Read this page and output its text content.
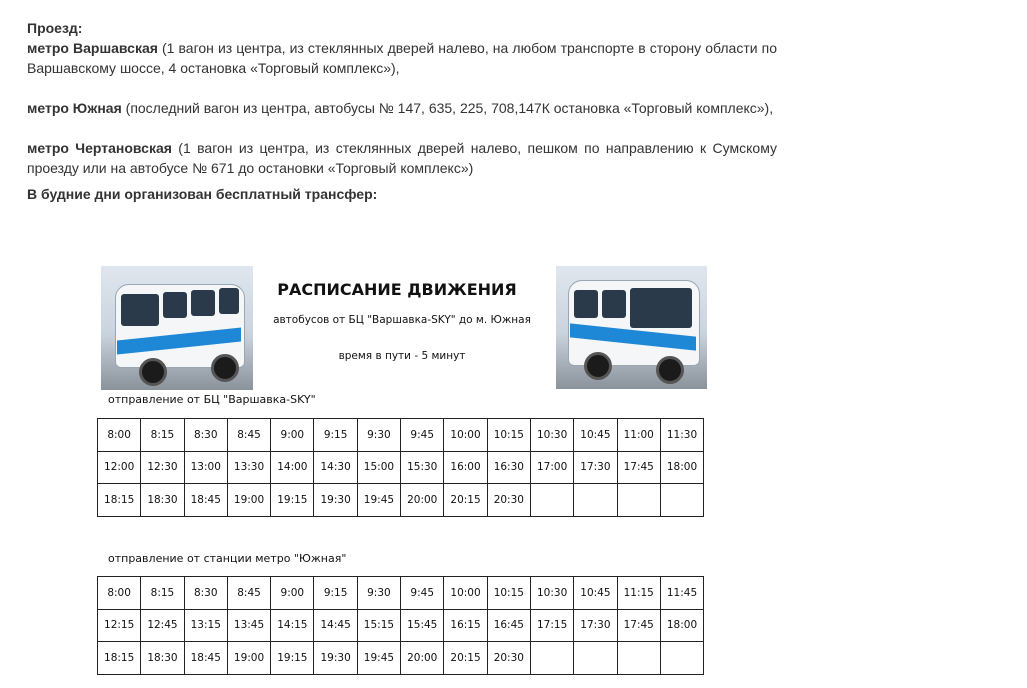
Проезд:

метро Варшавская (1 вагон из центра, из стеклянных дверей налево, на любом транспорте в сторону области по Варшавскому шоссе, 4 остановка «Торговый комплекс»),

метро Южная (последний вагон из центра, автобусы № 147, 635, 225, 708,147К остановка «Торговый комплекс»),

метро Чертановская (1 вагон из центра, из стеклянных дверей налево, пешком по направлению к Сумскому проезду или на автобусе № 671 до остановки «Торговый комплекс»)

В будние дни организован бесплатный трансфер:

РАСПИСАНИЕ ДВИЖЕНИЯ
автобусов от БЦ "Варшавка-SKY" до м. Южная
время в пути - 5 минут
отправление от БЦ "Варшавка-SKY"
8:00	8:15	8:30	8:45	9:00	9:15	9:30	9:45	10:00	10:15	10:30	10:45	11:00	11:30
12:00	12:30	13:00	13:30	14:00	14:30	15:00	15:30	16:00	16:30	17:00	17:30	17:45	18:00
18:15	18:30	18:45	19:00	19:15	19:30	19:45	20:00	20:15	20:30				
отправление от станции метро "Южная"
8:00	8:15	8:30	8:45	9:00	9:15	9:30	9:45	10:00	10:15	10:30	10:45	11:15	11:45
12:15	12:45	13:15	13:45	14:15	14:45	15:15	15:45	16:15	16:45	17:15	17:30	17:45	18:00
18:15	18:30	18:45	19:00	19:15	19:30	19:45	20:00	20:15	20:30				
